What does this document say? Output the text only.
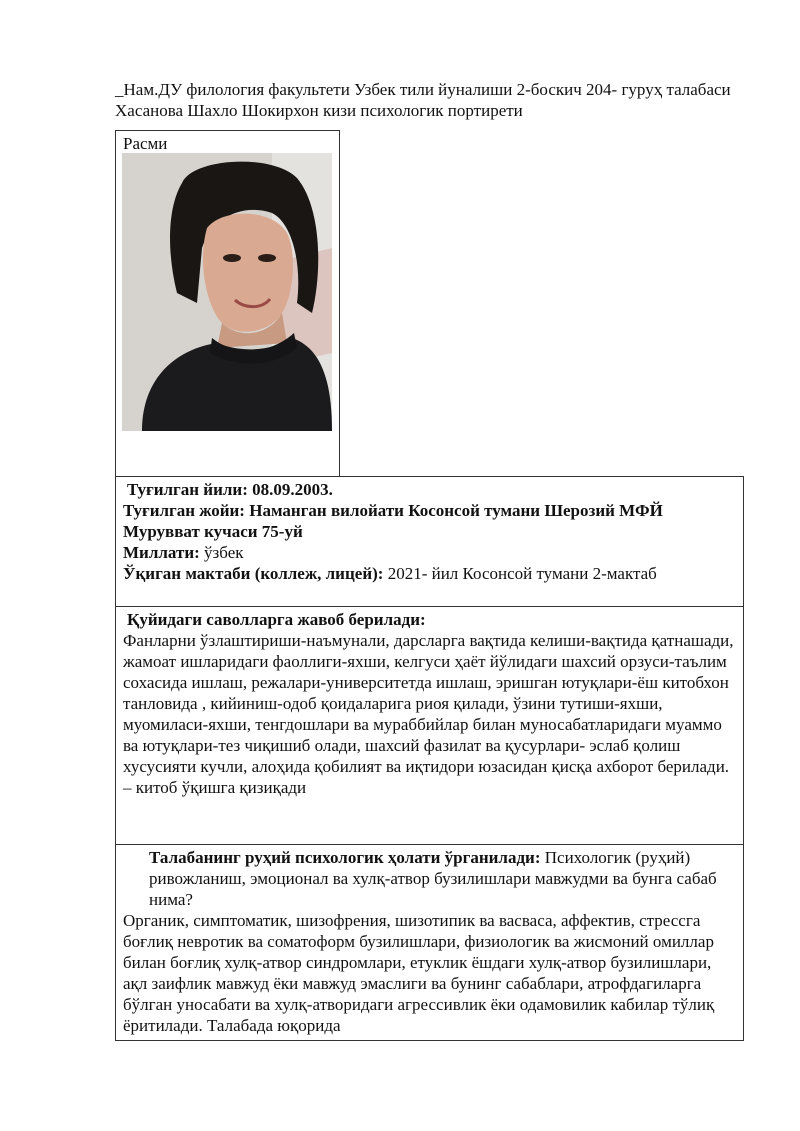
_Нам.ДУ филология факультети Узбек тили йуналиши 2-боскич 204- гуруҳ талабаси Хасанова Шахло Шокирхон кизи психологик портирети
Расми

Туғилган йили: 08.09.2003.

Туғилган жойи: Наманган вилойати Косонсой тумани Шерозий МФЙ Мурувват кучаси 75-уй

Миллати: ўзбек

Ўқиган мактаби (коллеж, лицей): 2021- йил Косонсой тумани 2-мактаб

Қуйидаги саволларга жавоб берилади:

Фанларни ўзлаштириши-наъмунали, дарсларга вақтида келиши-вақтида қатнашади, жамоат ишларидаги фаоллиги-яхши, келгуси ҳаёт йўлидаги шахсий орзуси-таълим сохасида ишлаш, режалари-университетда ишлаш, эришган ютуқлари-ёш китобхон танловида , кийиниш-одоб қоидаларига риоя қилади, ўзини тутиши-яхши, муомиласи-яхши, тенгдошлари ва мураббийлар билан муносабатларидаги муаммо ва ютуқлари-тез чиқишиб олади, шахсий фазилат ва қусурлари- эслаб қолиш хусусияти кучли, алоҳида қобилият ва иқтидори юзасидан қисқа ахборот берилади. – китоб ўқишга қизиқади

Талабанинг руҳий психологик ҳолати ўрганилади: Психологик (руҳий) ривожланиш, эмоционал ва хулқ-атвор бузилишлари мавжудми ва бунга сабаб нима?

Органик, симптоматик, шизофрения, шизотипик ва васваса, аффектив, стрессга боғлиқ невротик ва соматоформ бузилишлари, физиологик ва жисмоний омиллар билан боғлиқ хулқ-атвор синдромлари, етуклик ёшдаги хулқ-атвор бузилишлари, ақл заифлик мавжуд ёки мавжуд эмаслиги ва бунинг сабаблари, атрофдагиларга бўлган уносабати ва хулқ-атворидаги агрессивлик ёки одамовилик кабилар тўлиқ ёритилади. Талабада юқорида
